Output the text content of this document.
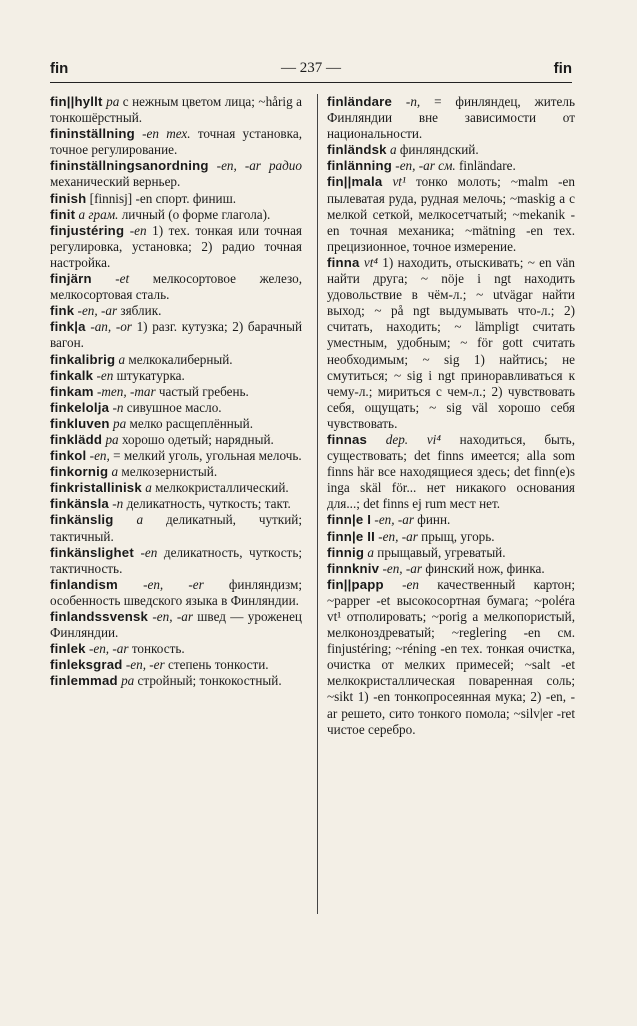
fin	— 237 —	fin

fin||hyllt pa с нежным цветом лица; ~hårig a тонкошёрстный.

fininställning -en тех. точная установка, точное регулирование.

fininställningsanordning -en, -ar радио механический верньер.

finish [finnisj] -en спорт. финиш.

finit a грам. личный (о форме глагола).

finjustéring -en 1) тех. тонкая или точная регулировка, установка; 2) радио точная настройка.

finjärn -et мелкосортовое железо, мелкосортовая сталь.

fink -en, -ar зяблик.

fink|a -an, -or 1) разг. кутузка; 2) барачный вагон.

finkalibrig a мелкокалиберный.

finkalk -en штукатурка.

finkam -men, -mar частый гребень.

finkelolja -n сивушное масло.

finkluven pa мелко расщеплённый.

finklädd pa хорошо одетый; нарядный.

finkol -en, = мелкий уголь, угольная мелочь.

finkornig a мелкозернистый.

finkristallinisk a мелкокристаллический.

finkänsla -n деликатность, чуткость; такт.

finkänslig a деликатный, чуткий; тактичный.

finkänslighet -en деликатность, чуткость; тактичность.

finlandism -en, -er финляндизм; особенность шведского языка в Финляндии.

finlandssvensk -en, -ar швед — уроженец Финляндии.

finlek -en, -ar тонкость.

finleksgrad -en, -er степень тонкости.

finlemmad pa стройный; тонкокостный.

finländare -n, = финляндец, житель Финляндии вне зависимости от национальности.

finländsk a финляндский.

finlänning -en, -ar см. finländare.

fin||mala vt¹ тонко молоть; ~malm -en пылеватая руда, рудная мелочь; ~maskig a с мелкой сеткой, мелкосетчатый; ~mekanik -en точная механика; ~mätning -en тех. прецизионное, точное измерение.

finna vt⁴ 1) находить, отыскивать; ~ en vän найти друга; ~ nöje i ngt находить удовольствие в чём-л.; ~ utvägar найти выход; ~ på ngt выдумывать что-л.; 2) считать, находить; ~ lämpligt считать уместным, удобным; ~ för gott считать необходимым; ~ sig 1) найтись; не смутиться; ~ sig i ngt приноравливаться к чему-л.; мириться с чем-л.; 2) чувствовать себя, ощущать; ~ sig väl хорошо себя чувствовать.

finnas dep. vi⁴ находиться, быть, существовать; det finns имеется; alla som finns här все находящиеся здесь; det finn(e)s inga skäl för... нет никакого основания для...; det finns ej rum мест нет.

finn|e I -en, -ar финн.

finn|e II -en, -ar прыщ, угорь.

finnig a прыщавый, угреватый.

finnkniv -en, -ar финский нож, финка.

fin||papp -en качественный картон; ~papper -et высокосортная бумага; ~poléra vt¹ отполировать; ~porig a мелкопористый, мелконоздреватый; ~reglering -en см. finjustéring; ~réning -en тех. тонкая очистка, очистка от мелких примесей; ~salt -et мелкокристаллическая поваренная соль; ~sikt 1) -en тонкопросеянная мука; 2) -en, -ar решето, сито тонкого помола; ~silv|er -ret чистое серебро.
